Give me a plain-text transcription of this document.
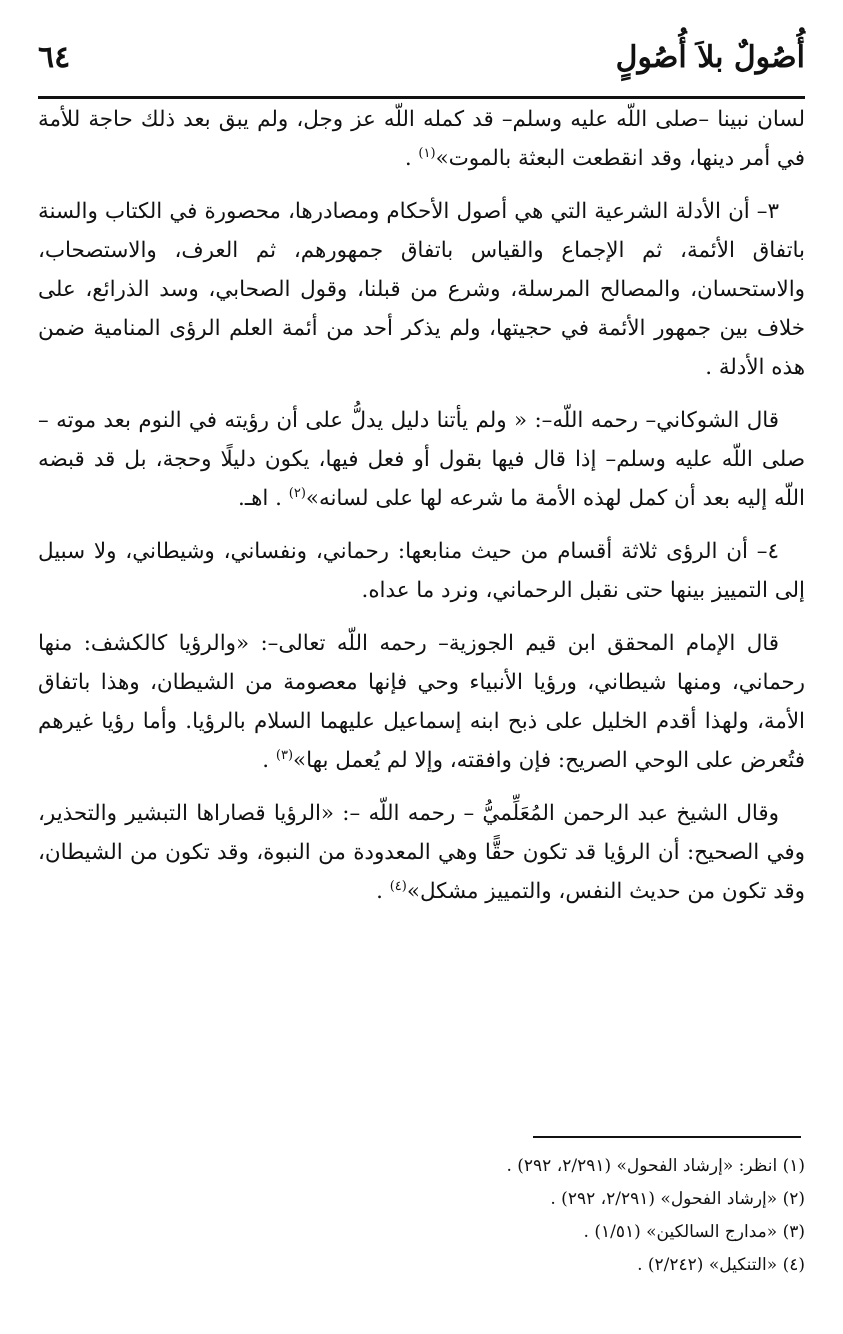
أُصُولٌ بلاَ أُصُولٍ
٦٤

لسان نبينا –صلى اللّه عليه وسلم– قد كمله اللّه عز وجل، ولم يبق بعد ذلك حاجة للأمة في أمر دينها، وقد انقطعت البعثة بالموت»$^{(١)}$ .

٣– أن الأدلة الشرعية التي هي أصول الأحكام ومصادرها، محصورة في الكتاب والسنة باتفاق الأئمة، ثم الإجماع والقياس باتفاق جمهورهم، ثم العرف، والاستصحاب، والاستحسان، والمصالح المرسلة، وشرع من قبلنا، وقول الصحابي، وسد الذرائع، على خلاف بين جمهور الأئمة في حجيتها، ولم يذكر أحد من أئمة العلم الرؤى المنامية ضمن هذه الأدلة .

قال الشوكاني– رحمه اللّه–: « ولم يأتنا دليل يدلُّ على أن رؤيته في النوم بعد موته –صلى اللّه عليه وسلم– إذا قال فيها بقول أو فعل فيها، يكون دليلًا وحجة، بل قد قبضه اللّه إليه بعد أن كمل لهذه الأمة ما شرعه لها على لسانه»$^{(٢)}$ . اهـ.

٤– أن الرؤى ثلاثة أقسام من حيث منابعها: رحماني، ونفساني، وشيطاني، ولا سبيل إلى التمييز بينها حتى نقبل الرحماني، ونرد ما عداه.

قال الإمام المحقق ابن قيم الجوزية– رحمه اللّه تعالى–: «والرؤيا كالكشف: منها رحماني، ومنها شيطاني، ورؤيا الأنبياء وحي فإنها معصومة من الشيطان، وهذا باتفاق الأمة، ولهذا أقدم الخليل على ذبح ابنه إسماعيل عليهما السلام بالرؤيا. وأما رؤيا غيرهم فتُعرض على الوحي الصريح: فإن وافقته، وإلا لم يُعمل بها»$^{(٣)}$ .

وقال الشيخ عبد الرحمن المُعَلِّميُّ – رحمه اللّه –: «الرؤيا قصاراها التبشير والتحذير، وفي الصحيح: أن الرؤيا قد تكون حقًّا وهي المعدودة من النبوة، وقد تكون من الشيطان، وقد تكون من حديث النفس، والتمييز مشكل»$^{(٤)}$ .

(١) انظر: «إرشاد الفحول» (٢/٢٩١، ٢٩٢) .

(٢) «إرشاد الفحول» (٢/٢٩١، ٢٩٢) .

(٣) «مدارج السالكين» (١/٥١) .

(٤) «التنكيل» (٢/٢٤٢) .
